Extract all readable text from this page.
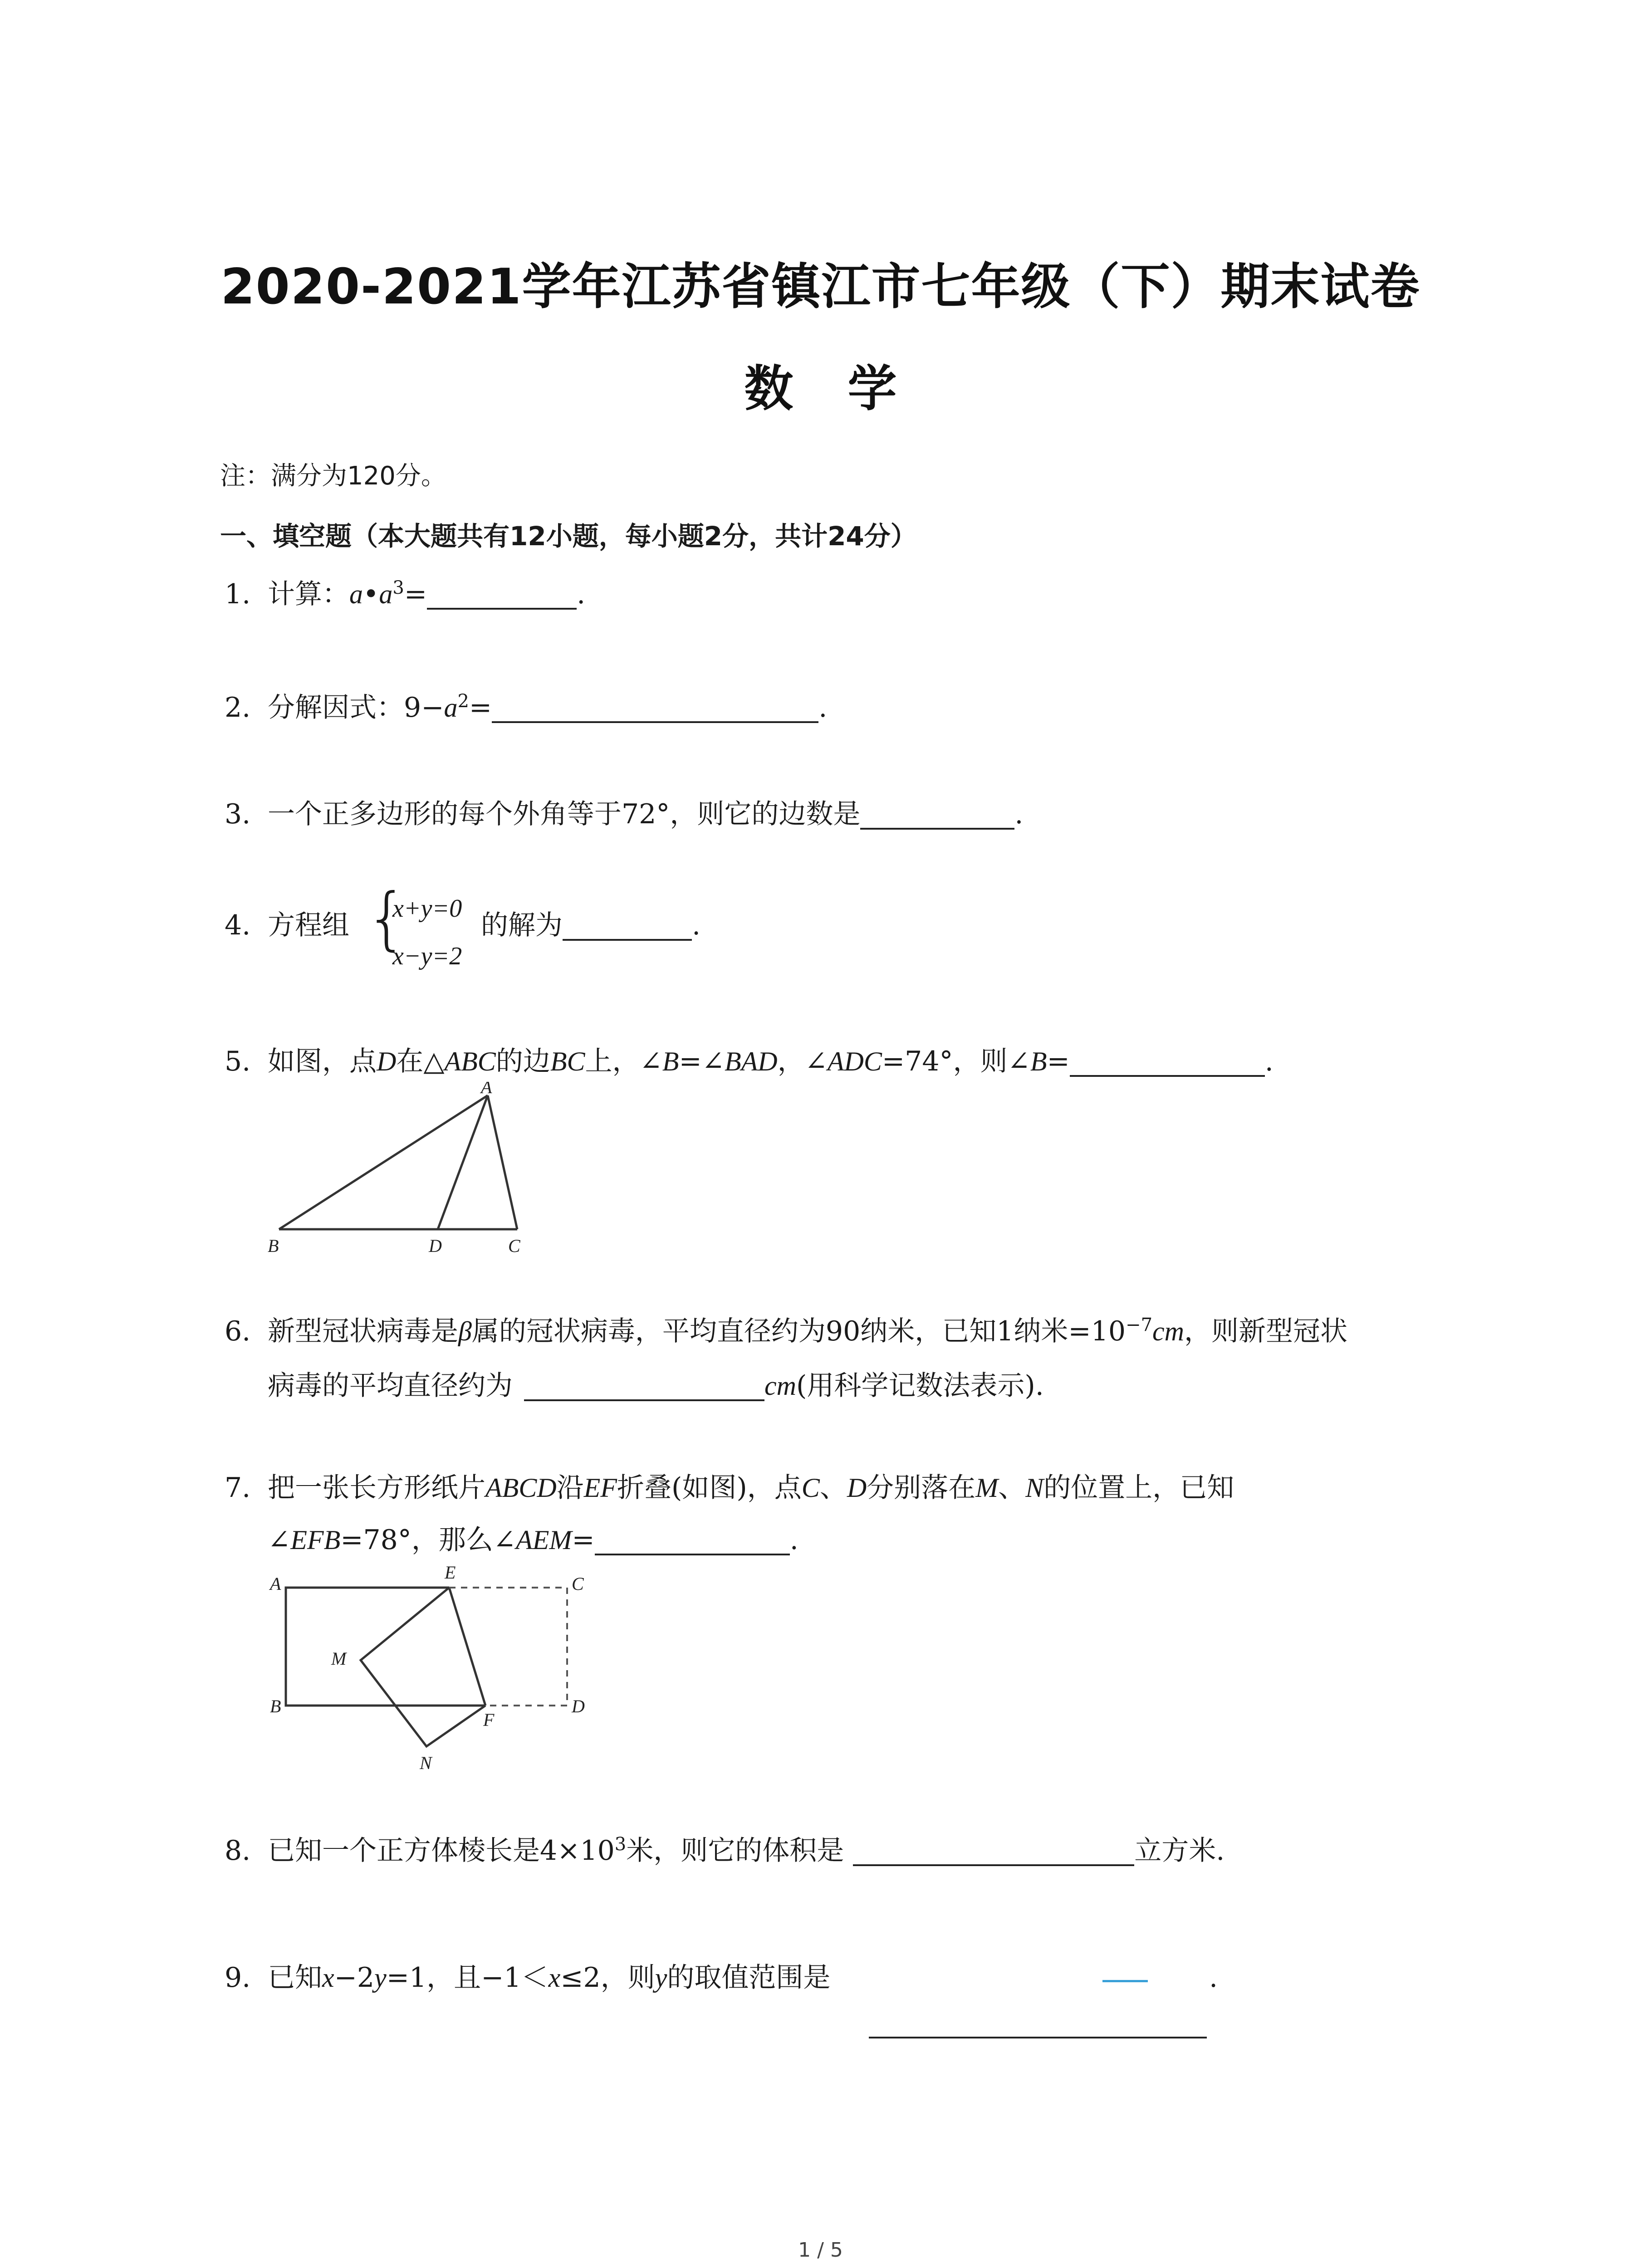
2020-2021学年江苏省镇江市七年级（下）期末试卷
数学
注：满分为120分。
一、填空题（本大题共有12小题，每小题2分，共计24分）
1. 计算：$a•a^3=$	.
2. 分解因式：$9-a^2=$	.
3. 一个正多边形的每个外角等于72°，则它的边数是	.
4. 方程组 {
x+y=0
x−y=2
的解为	.
5. 如图，点D在△ABC的边BC上，∠B=∠BAD，∠ADC=74°，则∠B=	.
A
B	D	C
6. 新型冠状病毒是β属的冠状病毒，平均直径约为90纳米，已知1纳米$=10^{-7}cm$，则新型冠状
病毒的平均直径约为	cm(用科学记数法表示).
7. 把一张长方形纸片ABCD沿EF折叠(如图)，点C、D分别落在M、N的位置上，已知
∠EFB=78°，那么∠AEM=	.
A
E
C
M
B
F
D
N
8. 已知一个正方体棱长是$4\times 10^3$米，则它的体积是	立方米.
9. 已知x−2y=1，且−1＜x≤2，则y的取值范围是	.
1 / 5
